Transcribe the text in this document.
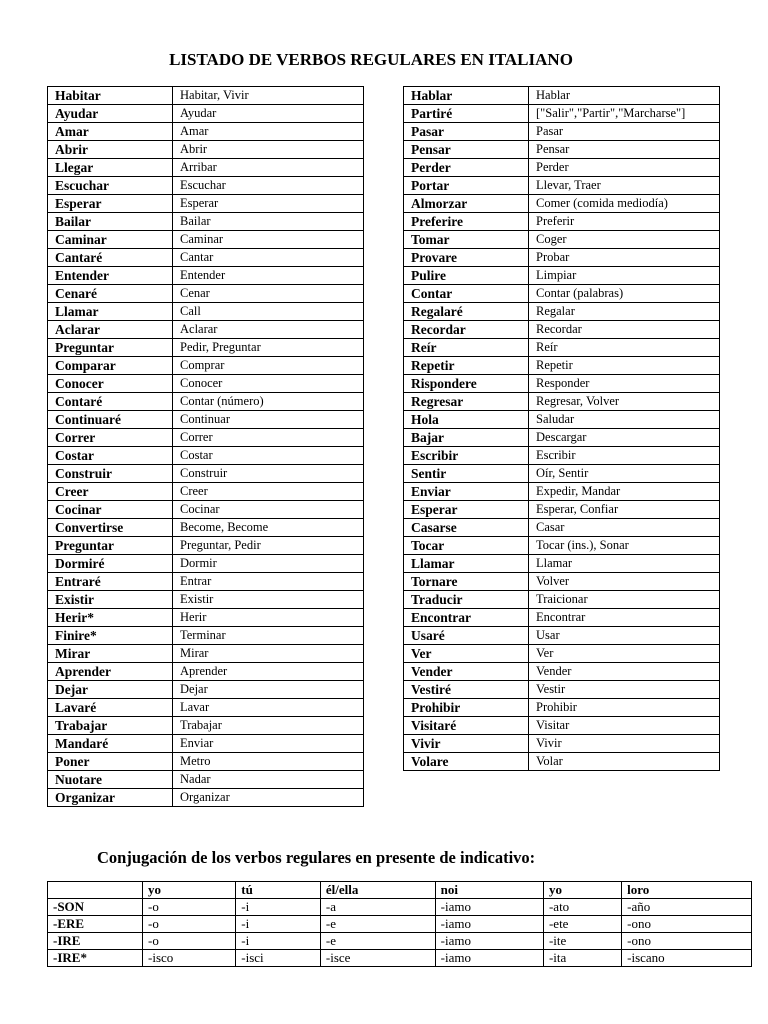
LISTADO DE VERBOS REGULARES EN ITALIANO
Habitar	Habitar, Vivir
Ayudar	Ayudar
Amar	Amar
Abrir	Abrir
Llegar	Arribar
Escuchar	Escuchar
Esperar	Esperar
Bailar	Bailar
Caminar	Caminar
Cantaré	Cantar
Entender	Entender
Cenaré	Cenar
Llamar	Call
Aclarar	Aclarar
Preguntar	Pedir, Preguntar
Comparar	Comprar
Conocer	Conocer
Contaré	Contar (número)
Continuaré	Continuar
Correr	Correr
Costar	Costar
Construir	Construir
Creer	Creer
Cocinar	Cocinar
Convertirse	Become, Become
Preguntar	Preguntar, Pedir
Dormiré	Dormir
Entraré	Entrar
Existir	Existir
Herir*	Herir
Finire*	Terminar
Mirar	Mirar
Aprender	Aprender
Dejar	Dejar
Lavaré	Lavar
Trabajar	Trabajar
Mandaré	Enviar
Poner	Metro
Nuotare	Nadar
Organizar	Organizar
Hablar	Hablar
Partiré	["Salir","Partir","Marcharse"]
Pasar	Pasar
Pensar	Pensar
Perder	Perder
Portar	Llevar, Traer
Almorzar	Comer (comida mediodía)
Preferire	Preferir
Tomar	Coger
Provare	Probar
Pulire	Limpiar
Contar	Contar (palabras)
Regalaré	Regalar
Recordar	Recordar
Reír	Reír
Repetir	Repetir
Rispondere	Responder
Regresar	Regresar, Volver
Hola	Saludar
Bajar	Descargar
Escribir	Escribir
Sentir	Oír, Sentir
Enviar	Expedir, Mandar
Esperar	Esperar, Confiar
Casarse	Casar
Tocar	Tocar (ins.), Sonar
Llamar	Llamar
Tornare	Volver
Traducir	Traicionar
Encontrar	Encontrar
Usaré	Usar
Ver	Ver
Vender	Vender
Vestiré	Vestir
Prohibir	Prohibir
Visitaré	Visitar
Vivir	Vivir
Volare	Volar
Conjugación de los verbos regulares en presente de indicativo:
	yo	tú	él/ella	noi	yo	loro
-SON	-o	-i	-a	-iamo	-ato	-año
-ERE	-o	-i	-e	-iamo	-ete	-ono
-IRE	-o	-i	-e	-iamo	-ite	-ono
-IRE*	-isco	-isci	-isce	-iamo	-ita	-iscano
